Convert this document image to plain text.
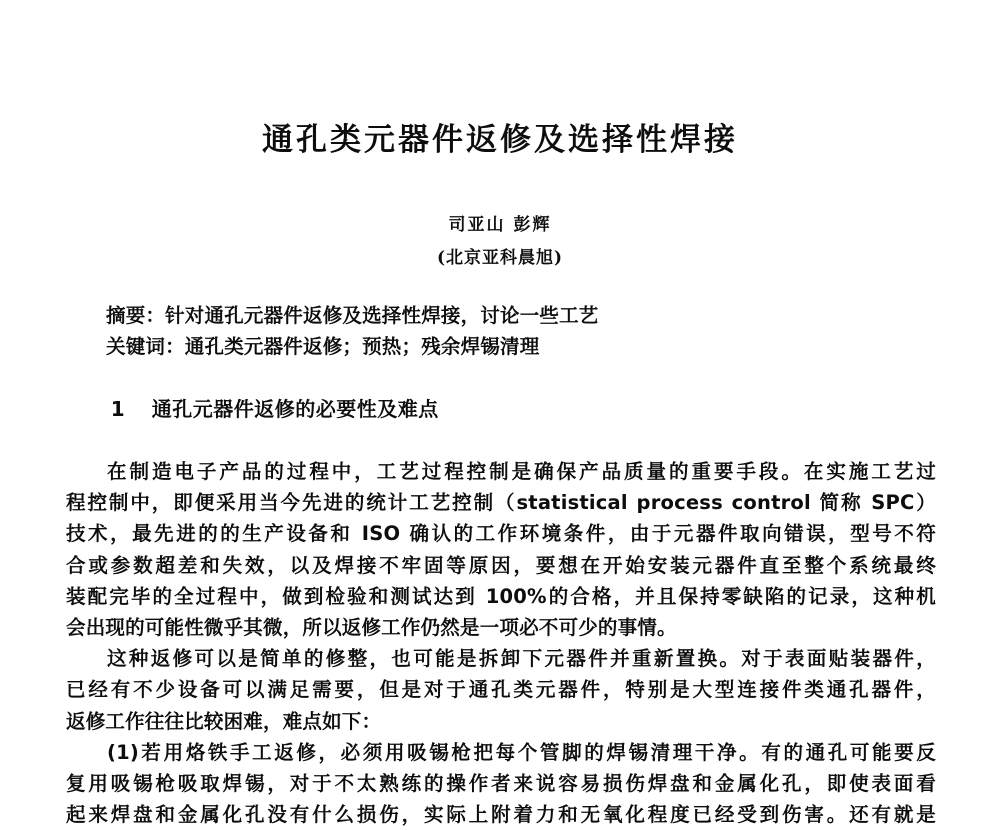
通孔类元器件返修及选择性焊接
司亚山 彭辉
(北京亚科晨旭)
摘要：针对通孔元器件返修及选择性焊接，讨论一些工艺
关键词：通孔类元器件返修；预热；残余焊锡清理

1 通孔元器件返修的必要性及难点

在制造电子产品的过程中，工艺过程控制是确保产品质量的重要手段。在实施工艺过
程控制中，即便采用当今先进的统计工艺控制（statistical process control 简称 SPC）
技术，最先进的的生产设备和 ISO 确认的工作环境条件，由于元器件取向错误，型号不符
合或参数超差和失效，以及焊接不牢固等原因，要想在开始安装元器件直至整个系统最终
装配完毕的全过程中，做到检验和测试达到 100%的合格，并且保持零缺陷的记录，这种机
会出现的可能性微乎其微，所以返修工作仍然是一项必不可少的事情。
这种返修可以是简单的修整，也可能是拆卸下元器件并重新置换。对于表面贴装器件，
已经有不少设备可以满足需要，但是对于通孔类元器件，特别是大型连接件类通孔器件，
返修工作往往比较困难，难点如下：
(1)若用烙铁手工返修，必须用吸锡枪把每个管脚的焊锡清理干净。有的通孔可能要反
复用吸锡枪吸取焊锡，对于不太熟练的操作者来说容易损伤焊盘和金属化孔，即使表面看
起来焊盘和金属化孔没有什么损伤，实际上附着力和无氧化程度已经受到伤害。还有就是
